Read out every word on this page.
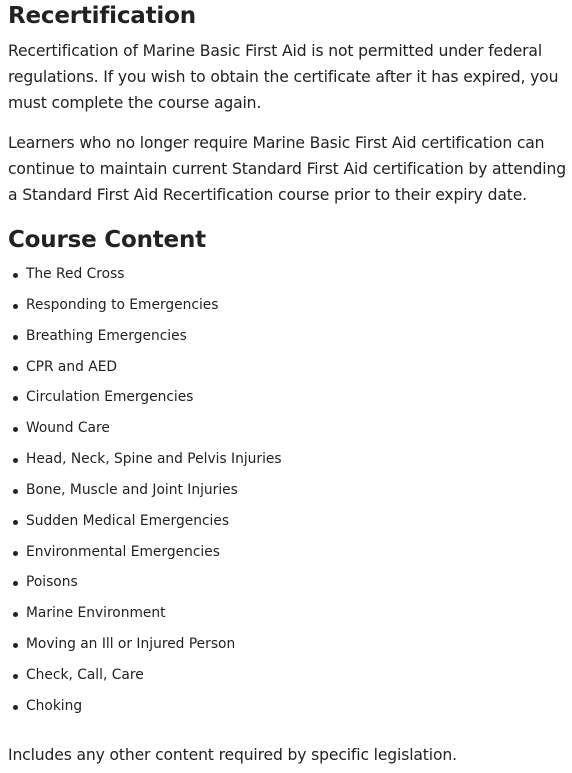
Recertification

Recertification of Marine Basic First Aid is not permitted under federal regulations. If you wish to obtain the certificate after it has expired, you must complete the course again.

Learners who no longer require Marine Basic First Aid certification can continue to maintain current Standard First Aid certification by attending a Standard First Aid Recertification course prior to their expiry date.

Course Content
The Red Cross
Responding to Emergencies
Breathing Emergencies
CPR and AED
Circulation Emergencies
Wound Care
Head, Neck, Spine and Pelvis Injuries
Bone, Muscle and Joint Injuries
Sudden Medical Emergencies
Environmental Emergencies
Poisons
Marine Environment
Moving an Ill or Injured Person
Check, Call, Care
Choking

Includes any other content required by specific legislation.
